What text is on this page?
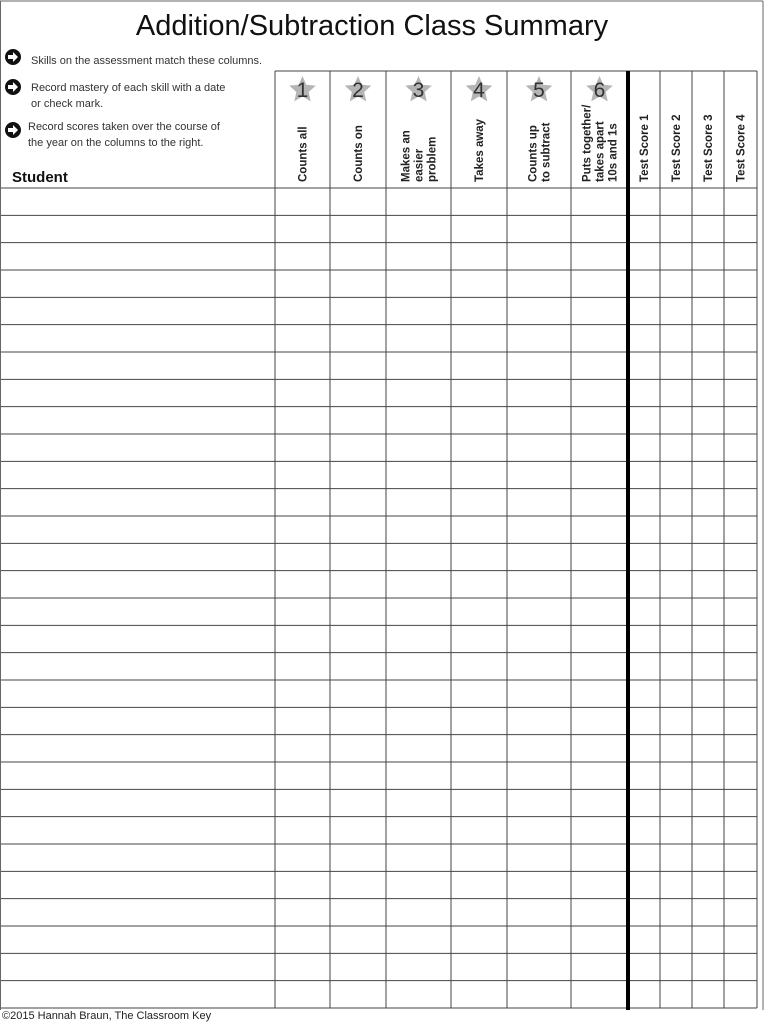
Addition/Subtraction Class Summary
Skills on the assessment match these columns.
Record mastery of each skill with a date
or check mark.
Record scores taken over the course of
the year on the columns to the right.
Student
1
Counts all
2
Counts on
3
Makes an easier problem
4
Takes away
5
Counts up to subtract
6
Puts together/ takes apart 10s and 1s Test Score 1 Test Score 2 Test Score 3 Test Score 4
©2015 Hannah Braun, The Classroom Key
